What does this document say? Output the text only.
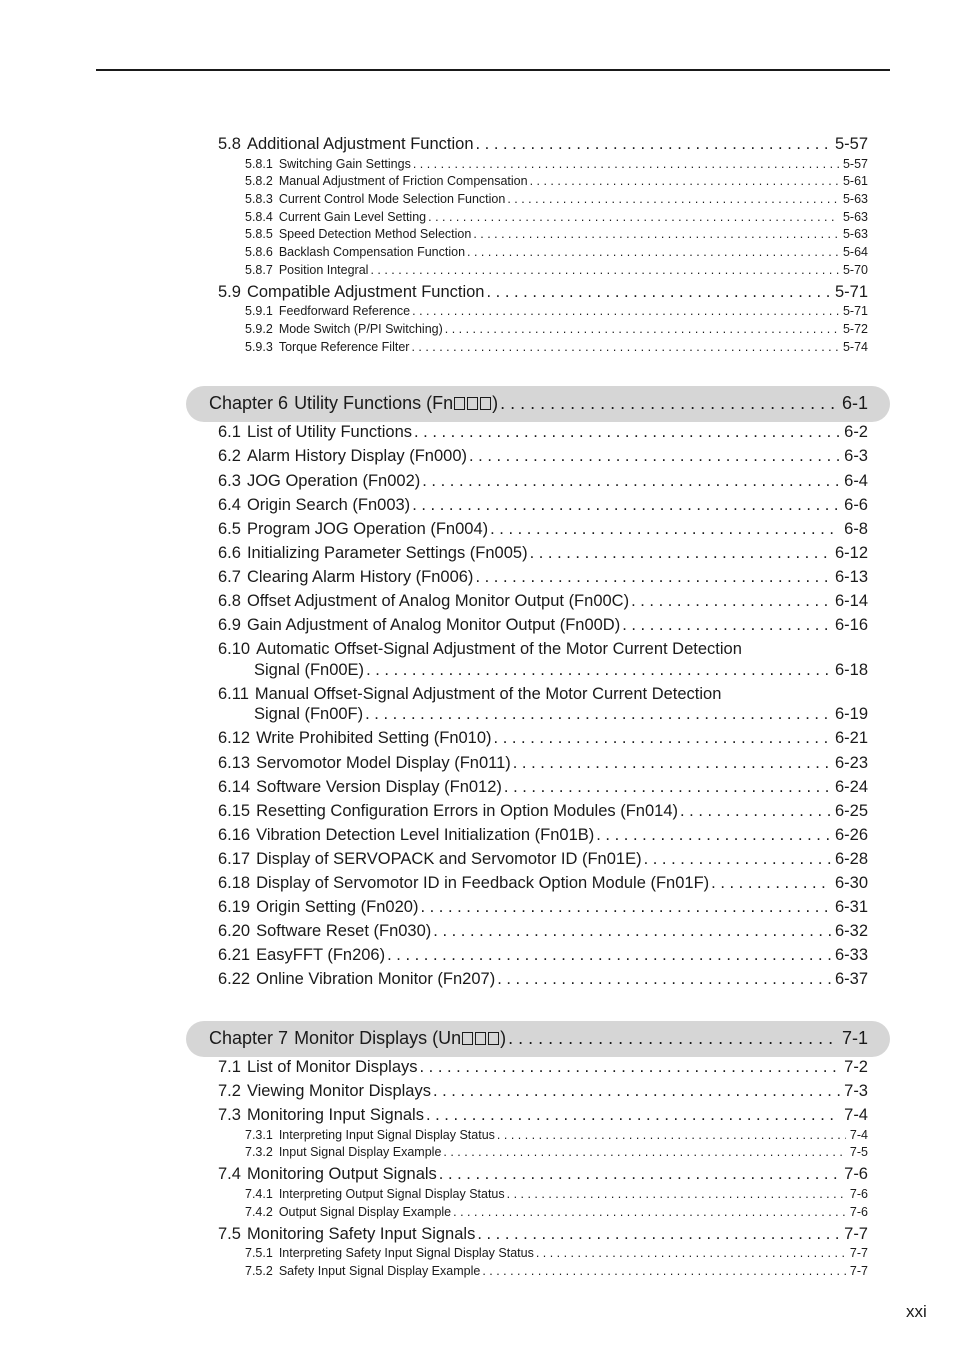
5.8 Additional Adjustment Function . . .	5-57
5.8.1 Switching Gain Settings . . .	5-57
5.8.2 Manual Adjustment of Friction Compensation . . .	5-61
5.8.3 Current Control Mode Selection Function . . .	5-63
5.8.4 Current Gain Level Setting . . .	5-63
5.8.5 Speed Detection Method Selection . . .	5-63
5.8.6 Backlash Compensation Function . . .	5-64
5.8.7 Position Integral . . .	5-70
5.9 Compatible Adjustment Function . . .	5-71
5.9.1 Feedforward Reference . . .	5-71
5.9.2 Mode Switch (P/PI Switching) . . .	5-72
5.9.3 Torque Reference Filter . . .	5-74
Chapter 6 Utility Functions (Fn ) . . .	6-1
6.1 List of Utility Functions . . .	6-2
6.2 Alarm History Display (Fn000) . . .	6-3
6.3 JOG Operation (Fn002) . . .	6-4
6.4 Origin Search (Fn003) . . .	6-6
6.5 Program JOG Operation (Fn004) . . .	6-8
6.6 Initializing Parameter Settings (Fn005) . . .	6-12
6.7 Clearing Alarm History (Fn006) . . .	6-13
6.8 Offset Adjustment of Analog Monitor Output (Fn00C) . . .	6-14
6.9 Gain Adjustment of Analog Monitor Output (Fn00D) . . .	6-16
6.10 Automatic Offset-Signal Adjustment of the Motor Current Detection
Signal (Fn00E) . . .	6-18
6.11 Manual Offset-Signal Adjustment of the Motor Current Detection
Signal (Fn00F) . . .	6-19
6.12 Write Prohibited Setting (Fn010) . . .	6-21
6.13 Servomotor Model Display (Fn011) . . .	6-23
6.14 Software Version Display (Fn012) . . .	6-24
6.15 Resetting Configuration Errors in Option Modules (Fn014) . . .	6-25
6.16 Vibration Detection Level Initialization (Fn01B) . . .	6-26
6.17 Display of SERVOPACK and Servomotor ID (Fn01E) . . .	6-28
6.18 Display of Servomotor ID in Feedback Option Module (Fn01F) . . .	6-30
6.19 Origin Setting (Fn020) . . .	6-31
6.20 Software Reset (Fn030) . . .	6-32
6.21 EasyFFT (Fn206) . . .	6-33
6.22 Online Vibration Monitor (Fn207) . . .	6-37
Chapter 7 Monitor Displays (Un ) . . .	7-1
7.1 List of Monitor Displays . . .	7-2
7.2 Viewing Monitor Displays . . .	7-3
7.3 Monitoring Input Signals . . .	7-4
7.3.1 Interpreting Input Signal Display Status . . .	7-4
7.3.2 Input Signal Display Example . . .	7-5
7.4 Monitoring Output Signals . . .	7-6
7.4.1 Interpreting Output Signal Display Status . . .	7-6
7.4.2 Output Signal Display Example . . .	7-6
7.5 Monitoring Safety Input Signals . . .	7-7
7.5.1 Interpreting Safety Input Signal Display Status . . .	7-7
7.5.2 Safety Input Signal Display Example . . .	7-7
xxi
